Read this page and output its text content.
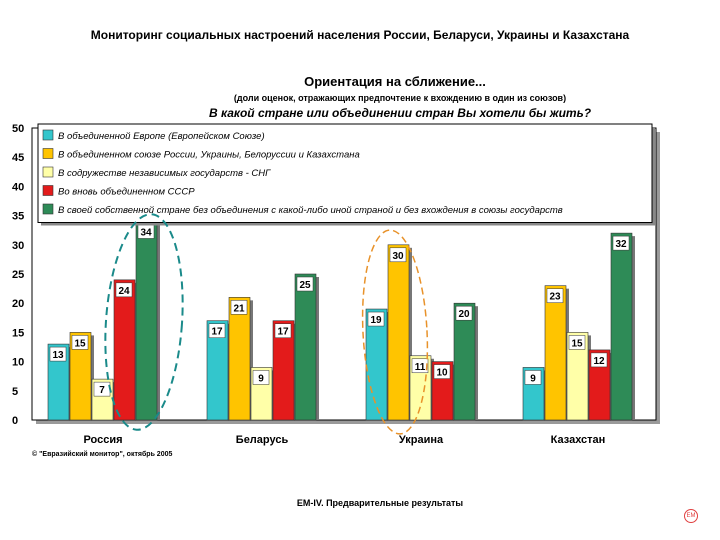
Мониторинг социальных настроений населения России, Беларуси, Украины и Казахстана
Ориентация на сближение...
(доли оценок, отражающих предпочтение к вхождению в один из союзов)
В какой стране или объединении стран Вы хотели бы жить?
0
5
10
15
20
25
30
35
40
45
50
13
15
7
24
34
Россия
17
21
9
17
25
Беларусь
19
30
11
10
20
Украина
9
23
15
12
32
Казахстан
В объединенной Европе (Европейском Союзе)
В объединенном союзе России, Украины, Белоруссии и Казахстана
В содружестве независимых государств - СНГ
Во вновь объединенном СССР
В своей собственной стране без объединения с какой-либо иной страной и без вхождения в союзы государств
© "Евразийский монитор", октябрь 2005
ЕМ-IV. Предварительные результаты
EM
